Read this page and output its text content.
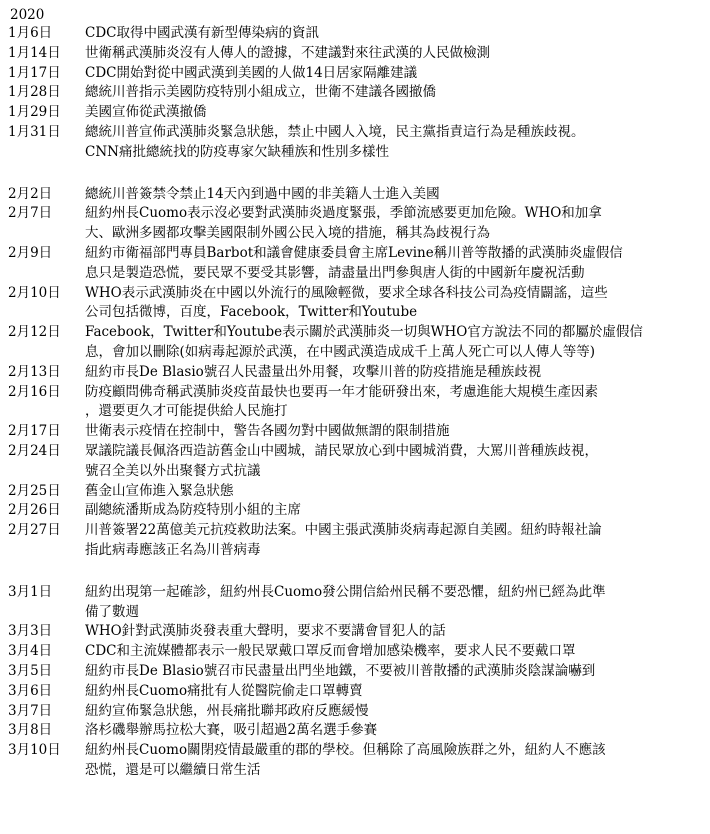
2020
1月6日	CDC取得中國武漢有新型傳染病的資訊
1月14日	世衛稱武漢肺炎沒有人傳人的證據，不建議對來往武漢的人民做檢測
1月17日	CDC開始對從中國武漢到美國的人做14日居家隔離建議
1月28日	總統川普指示美國防疫特別小組成立，世衛不建議各國撤僑
1月29日	美國宣佈從武漢撤僑
1月31日	總統川普宣佈武漢肺炎緊急狀態，禁止中國人入境，民主黨指責這行為是種族歧視。
CNN痛批總統找的防疫專家欠缺種族和性別多樣性
2月2日	總統川普簽禁令禁止14天內到過中國的非美籍人士進入美國
2月7日	紐約州長Cuomo表示沒必要對武漢肺炎過度緊張，季節流感要更加危險。WHO和加拿
大、歐洲多國都攻擊美國限制外國公民入境的措施，稱其為歧視行為
2月9日	紐約市衛福部門專員Barbot和議會健康委員會主席Levine稱川普等散播的武漢肺炎虛假信
息只是製造恐慌，要民眾不要受其影響，請盡量出門參與唐人街的中國新年慶祝活動
2月10日	WHO表示武漢肺炎在中國以外流行的風險輕微，要求全球各科技公司為疫情闢謠，這些
公司包括微博，百度，Facebook，Twitter和Youtube
2月12日	Facebook，Twitter和Youtube表示關於武漢肺炎一切與WHO官方說法不同的都屬於虛假信
息，會加以刪除(如病毒起源於武漢，在中國武漢造成成千上萬人死亡可以人傳人等等)
2月13日	紐約市長De Blasio號召人民盡量出外用餐，攻擊川普的防疫措施是種族歧視
2月16日	防疫顧問佛奇稱武漢肺炎疫苗最快也要再一年才能研發出來，考慮進能大規模生產因素
，還要更久才可能提供給人民施打
2月17日	世衛表示疫情在控制中，警告各國勿對中國做無謂的限制措施
2月24日	眾議院議長佩洛西造訪舊金山中國城，請民眾放心到中國城消費，大罵川普種族歧視，
號召全美以外出聚餐方式抗議
2月25日	舊金山宣佈進入緊急狀態
2月26日	副總統潘斯成為防疫特別小組的主席
2月27日	川普簽署22萬億美元抗疫救助法案。中國主張武漢肺炎病毒起源自美國。紐約時報社論
指此病毒應該正名為川普病毒
3月1日	紐約出現第一起確診，紐約州長Cuomo發公開信給州民稱不要恐懼，紐約州已經為此準
備了數週
3月3日	WHO針對武漢肺炎發表重大聲明，要求不要講會冒犯人的話
3月4日	CDC和主流媒體都表示一般民眾戴口罩反而會增加感染機率，要求人民不要戴口罩
3月5日	紐約市長De Blasio號召市民盡量出門坐地鐵，不要被川普散播的武漢肺炎陰謀論嚇到
3月6日	紐約州長Cuomo痛批有人從醫院偷走口罩轉賣
3月7日	紐約宣佈緊急狀態，州長痛批聯邦政府反應緩慢
3月8日	洛杉磯舉辦馬拉松大賽，吸引超過2萬名選手參賽
3月10日	紐約州長Cuomo關閉疫情最嚴重的郡的學校。但稱除了高風險族群之外，紐約人不應該
恐慌，還是可以繼續日常生活
